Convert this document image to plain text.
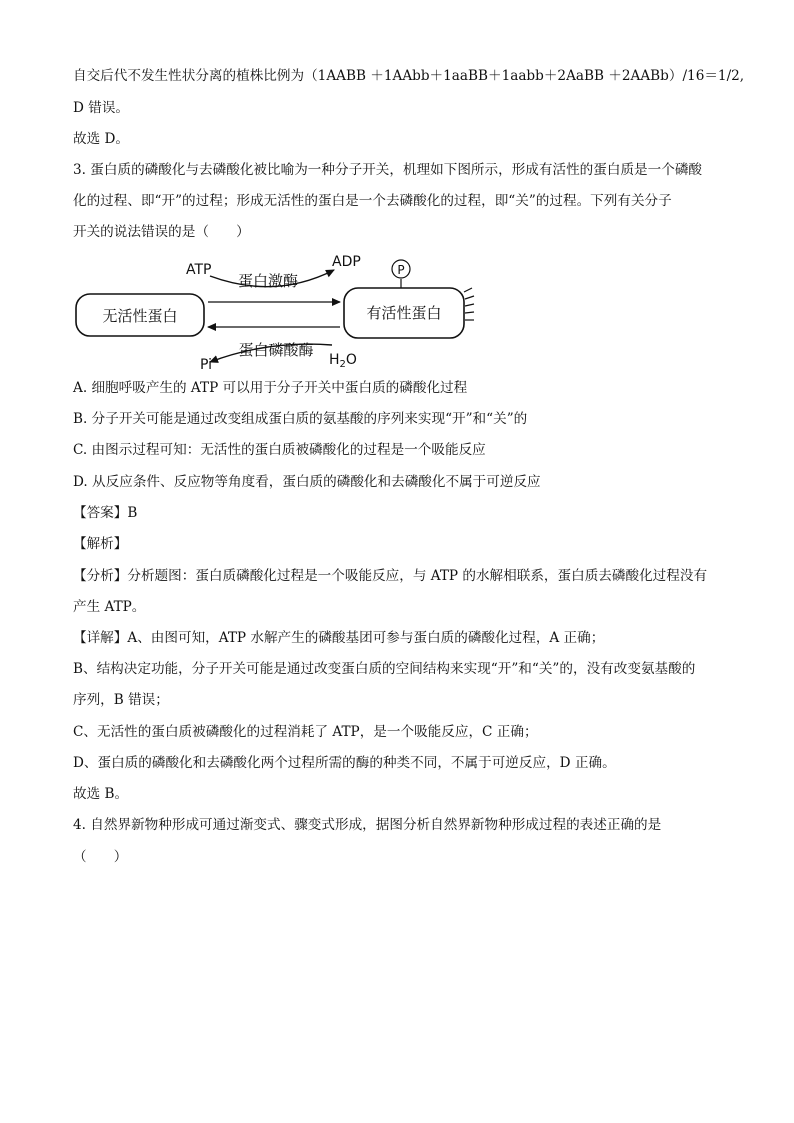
自交后代不发生性状分离的植株比例为（1AABB ＋1AAbb＋1aaBB＋1aabb＋2AaBB ＋2AABb）/16＝1/2,

D 错误。

故选 D。

3. 蛋白质的磷酸化与去磷酸化被比喻为一种分子开关，机理如下图所示，形成有活性的蛋白质是一个磷酸

化的过程、即“开”的过程；形成无活性的蛋白是一个去磷酸化的过程，即“关”的过程。下列有关分子

开关的说法错误的是（　　）

无活性蛋白	有活性蛋白
P
ATP	ADP
蛋白激酶
Pi	$H_2O$
蛋白磷酸酶

A. 细胞呼吸产生的 ATP 可以用于分子开关中蛋白质的磷酸化过程

B. 分子开关可能是通过改变组成蛋白质的氨基酸的序列来实现“开”和“关”的

C. 由图示过程可知：无活性的蛋白质被磷酸化的过程是一个吸能反应

D. 从反应条件、反应物等角度看，蛋白质的磷酸化和去磷酸化不属于可逆反应

【答案】B

【解析】

【分析】分析题图：蛋白质磷酸化过程是一个吸能反应，与 ATP 的水解相联系，蛋白质去磷酸化过程没有

产生 ATP。

【详解】A、由图可知，ATP 水解产生的磷酸基团可参与蛋白质的磷酸化过程，A 正确；

B、结构决定功能，分子开关可能是通过改变蛋白质的空间结构来实现“开”和“关”的，没有改变氨基酸的

序列，B 错误；

C、无活性的蛋白质被磷酸化的过程消耗了 ATP，是一个吸能反应，C 正确；

D、蛋白质的磷酸化和去磷酸化两个过程所需的酶的种类不同，不属于可逆反应，D 正确。

故选 B。

4. 自然界新物种形成可通过渐变式、骤变式形成，据图分析自然界新物种形成过程的表述正确的是

（　　）
